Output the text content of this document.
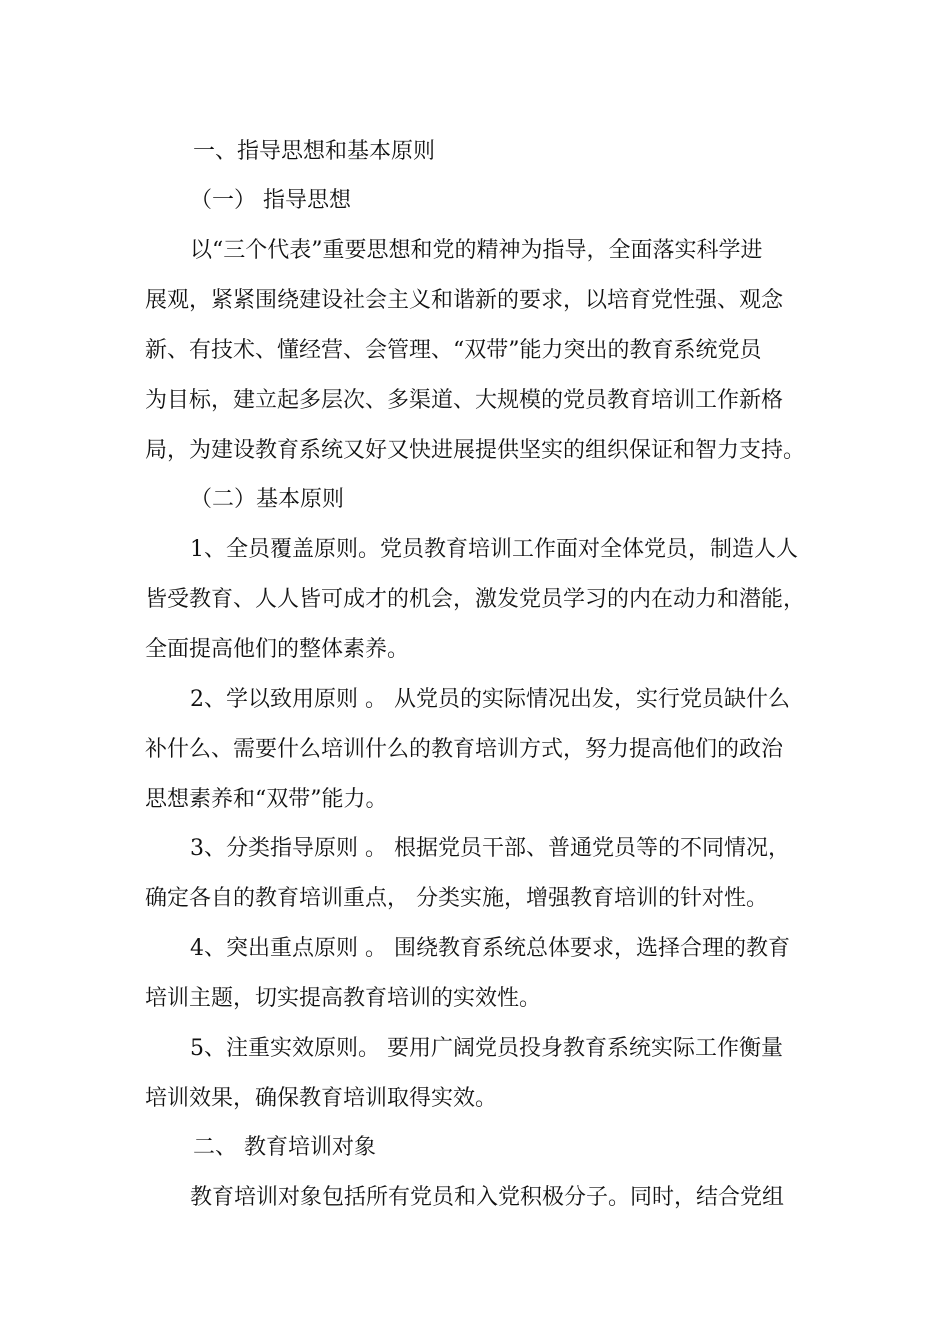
一、指导思想和基本原则
（一） 指导思想
以“三个代表”重要思想和党的精神为指导，全面落实科学进
展观，紧紧围绕建设社会主义和谐新的要求，以培育党性强、观念
新、有技术、懂经营、会管理、“双带”能力突出的教育系统党员
为目标，建立起多层次、多渠道、大规模的党员教育培训工作新格
局，为建设教育系统又好又快进展提供坚实的组织保证和智力支持。
（二）基本原则
1、全员覆盖原则。党员教育培训工作面对全体党员，制造人人
皆受教育、人人皆可成才的机会，激发党员学习的内在动力和潜能，
全面提高他们的整体素养。
2、学以致用原则 。 从党员的实际情况出发，实行党员缺什么
补什么、需要什么培训什么的教育培训方式，努力提高他们的政治
思想素养和“双带”能力。
3、分类指导原则 。 根据党员干部、普通党员等的不同情况，
确定各自的教育培训重点， 分类实施，增强教育培训的针对性。
4、突出重点原则 。 围绕教育系统总体要求，选择合理的教育
培训主题，切实提高教育培训的实效性。
5、注重实效原则。 要用广阔党员投身教育系统实际工作衡量
培训效果，确保教育培训取得实效。
二、 教育培训对象
教育培训对象包括所有党员和入党积极分子。同时，结合党组
